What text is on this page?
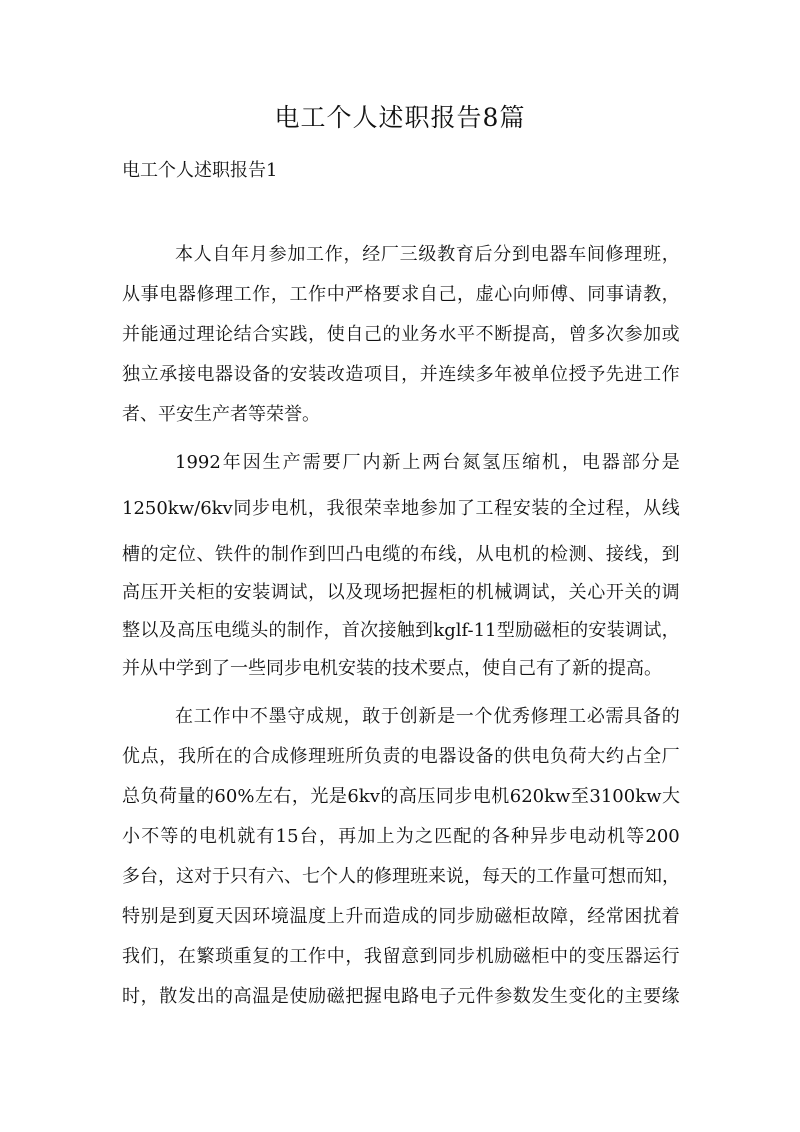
电工个人述职报告8篇
电工个人述职报告1
本 人 自 年 月 参 加 工 作 ， 经 厂 三 级 教 育 后 分 到 电 器 车 间 修 理 班 ，
从 事 电 器 修 理 工 作 ， 工 作 中 严 格 要 求 自 己 ， 虚 心 向 师 傅 、 同 事 请 教 ，
并 能 通 过 理 论 结 合 实 践 ， 使 自 己 的 业 务 水 平 不 断 提 高 ， 曾 多 次 参 加 或
独 立 承 接 电 器 设 备 的 安 装 改 造 项 目 ， 并 连 续 多 年 被 单 位 授 予 先 进 工 作
者、平安生产者等荣誉。
1992 年 因 生 产 需 要 厂 内 新 上 两 台 氮 氢 压 缩 机 ， 电 器 部 分 是
1250kw/6kv 同 步 电 机 ， 我 很 荣 幸 地 参 加 了 工 程 安 装 的 全 过 程 ， 从 线
槽 的 定 位 、 铁 件 的 制 作 到 凹 凸 电 缆 的 布 线 ， 从 电 机 的 检 测 、 接 线 ， 到
高 压 开 关 柜 的 安 装 调 试 ， 以 及 现 场 把 握 柜 的 机 械 调 试 ， 关 心 开 关 的 调
整 以 及 高 压 电 缆 头 的 制 作 ， 首 次 接 触 到 kglf-11 型 励 磁 柜 的 安 装 调 试 ，
并从中学到了一些同步电机安装的技术要点，使自己有了新的提高。
在 工 作 中 不 墨 守 成 规 ， 敢 于 创 新 是 一 个 优 秀 修 理 工 必 需 具 备 的
优 点 ， 我 所 在 的 合 成 修 理 班 所 负 责 的 电 器 设 备 的 供 电 负 荷 大 约 占 全 厂
总 负 荷 量 的 60% 左 右 ， 光 是 6kv 的 高 压 同 步 电 机 620kw 至 3100kw 大
小 不 等 的 电 机 就 有 15 台 ， 再 加 上 为 之 匹 配 的 各 种 异 步 电 动 机 等 200
多 台 ， 这 对 于 只 有 六 、 七 个 人 的 修 理 班 来 说 ， 每 天 的 工 作 量 可 想 而 知 ，
特 别 是 到 夏 天 因 环 境 温 度 上 升 而 造 成 的 同 步 励 磁 柜 故 障 ， 经 常 困 扰 着
我 们 ， 在 繁 琐 重 复 的 工 作 中 ， 我 留 意 到 同 步 机 励 磁 柜 中 的 变 压 器 运 行
时 ， 散 发 出 的 高 温 是 使 励 磁 把 握 电 路 电 子 元 件 参 数 发 生 变 化 的 主 要 缘
